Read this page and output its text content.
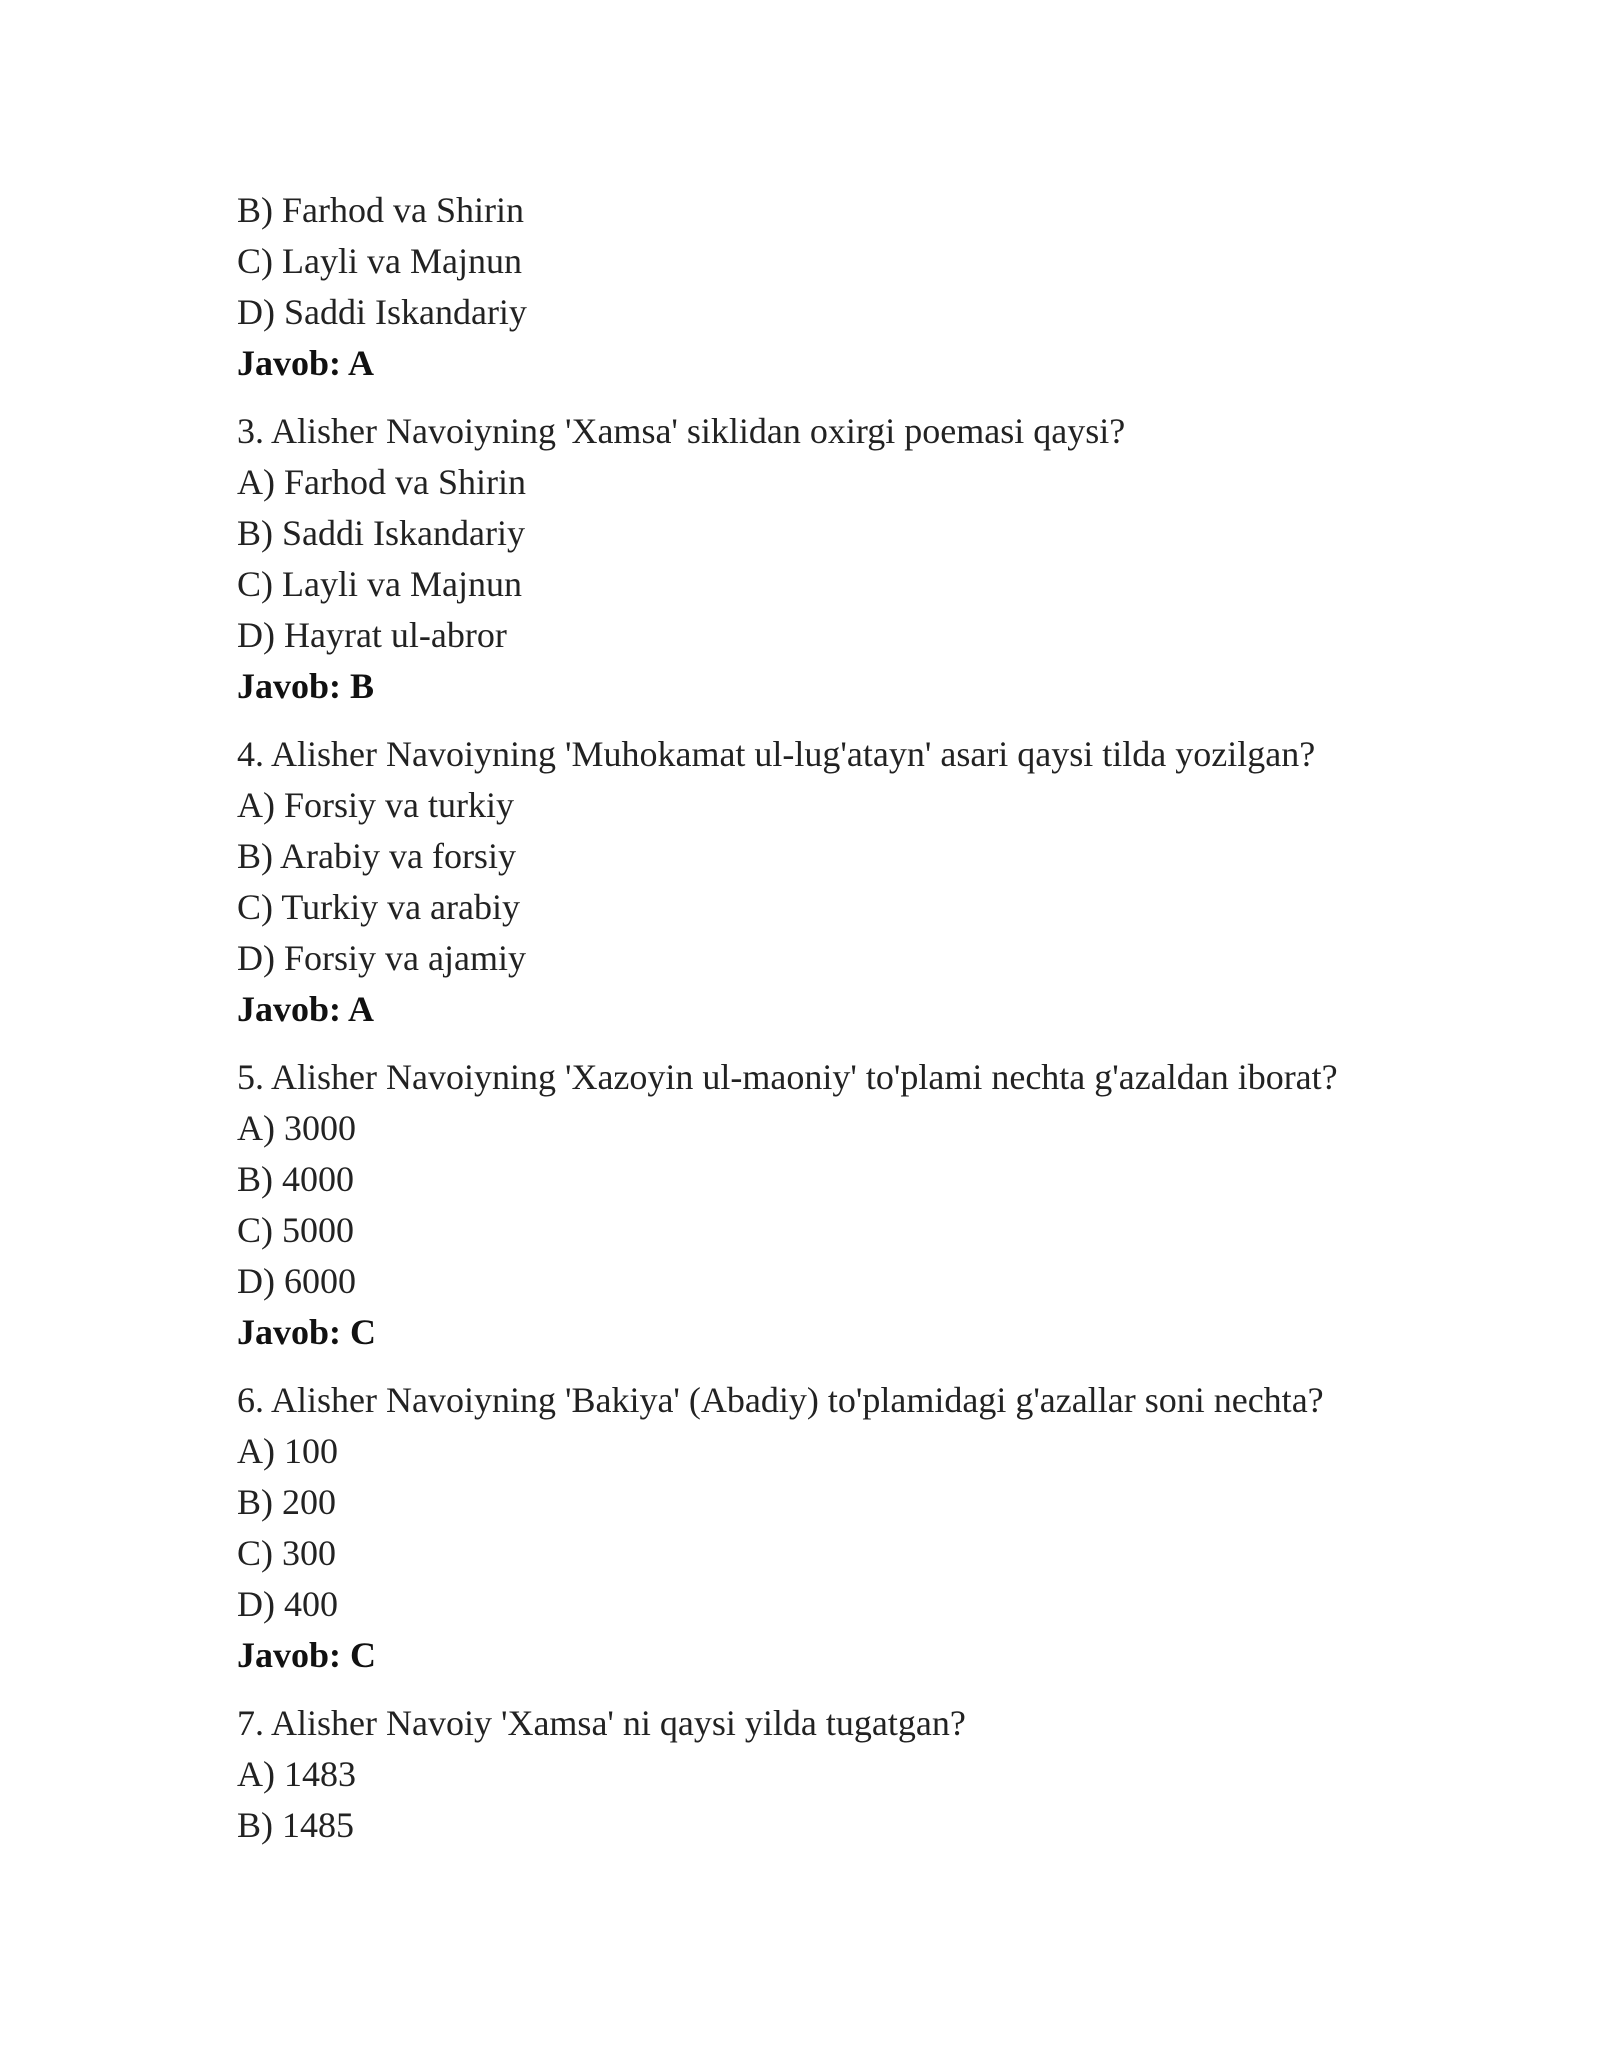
B) Farhod va Shirin
C) Layli va Majnun
D) Saddi Iskandariy
Javob: A
3. Alisher Navoiyning 'Xamsa' siklidan oxirgi poemasi qaysi?
A) Farhod va Shirin
B) Saddi Iskandariy
C) Layli va Majnun
D) Hayrat ul-abror
Javob: B
4. Alisher Navoiyning 'Muhokamat ul-lug'atayn' asari qaysi tilda yozilgan?
A) Forsiy va turkiy
B) Arabiy va forsiy
C) Turkiy va arabiy
D) Forsiy va ajamiy
Javob: A
5. Alisher Navoiyning 'Xazoyin ul-maoniy' to'plami nechta g'azaldan iborat?
A) 3000
B) 4000
C) 5000
D) 6000
Javob: C
6. Alisher Navoiyning 'Bakiya' (Abadiy) to'plamidagi g'azallar soni nechta?
A) 100
B) 200
C) 300
D) 400
Javob: C
7. Alisher Navoiy 'Xamsa' ni qaysi yilda tugatgan?
A) 1483
B) 1485
